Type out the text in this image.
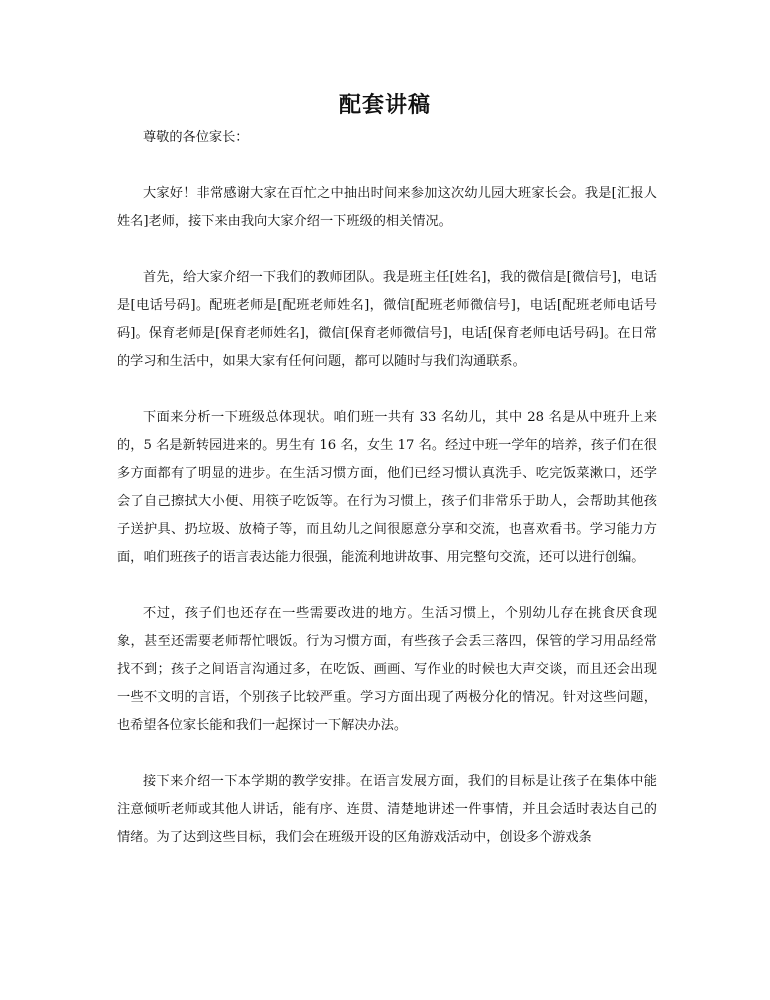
配套讲稿

尊敬的各位家长：

大家好！非常感谢大家在百忙之中抽出时间来参加这次幼儿园大班家长会。我是[汇报人姓名]老师，接下来由我向大家介绍一下班级的相关情况。

首先，给大家介绍一下我们的教师团队。我是班主任[姓名]，我的微信是[微信号]，电话是[电话号码]。配班老师是[配班老师姓名]，微信[配班老师微信号]，电话[配班老师电话号码]。保育老师是[保育老师姓名]，微信[保育老师微信号]，电话[保育老师电话号码]。在日常的学习和生活中，如果大家有任何问题，都可以随时与我们沟通联系。

下面来分析一下班级总体现状。咱们班一共有 33 名幼儿，其中 28 名是从中班升上来的，5 名是新转园进来的。男生有 16 名，女生 17 名。经过中班一学年的培养，孩子们在很多方面都有了明显的进步。在生活习惯方面，他们已经习惯认真洗手、吃完饭菜漱口，还学会了自己擦拭大小便、用筷子吃饭等。在行为习惯上，孩子们非常乐于助人，会帮助其他孩子送护具、扔垃圾、放椅子等，而且幼儿之间很愿意分享和交流，也喜欢看书。学习能力方面，咱们班孩子的语言表达能力很强，能流利地讲故事、用完整句交流，还可以进行创编。

不过，孩子们也还存在一些需要改进的地方。生活习惯上，个别幼儿存在挑食厌食现象，甚至还需要老师帮忙喂饭。行为习惯方面，有些孩子会丢三落四，保管的学习用品经常找不到；孩子之间语言沟通过多，在吃饭、画画、写作业的时候也大声交谈，而且还会出现一些不文明的言语，个别孩子比较严重。学习方面出现了两极分化的情况。针对这些问题，也希望各位家长能和我们一起探讨一下解决办法。

接下来介绍一下本学期的教学安排。在语言发展方面，我们的目标是让孩子在集体中能注意倾听老师或其他人讲话，能有序、连贯、清楚地讲述一件事情，并且会适时表达自己的情绪。为了达到这些目标，我们会在班级开设的区角游戏活动中，创设多个游戏条
